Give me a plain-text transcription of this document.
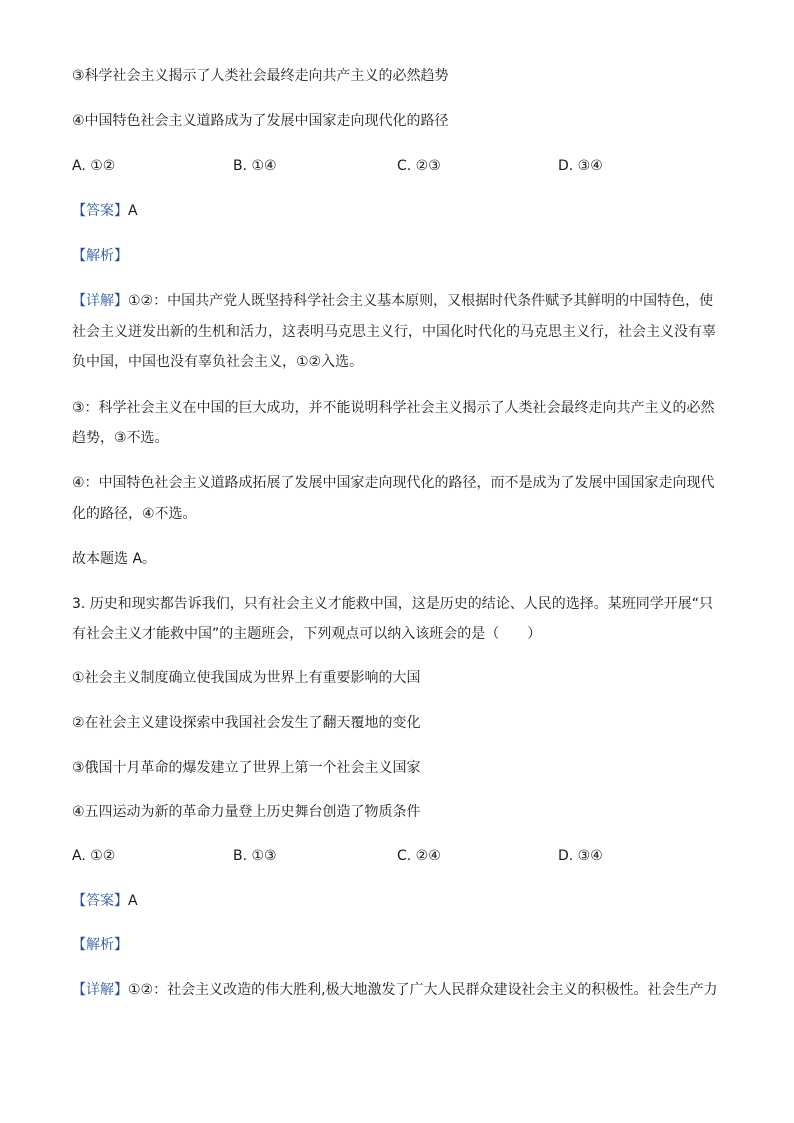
③科学社会主义揭示了人类社会最终走向共产主义的必然趋势
④中国特色社会主义道路成为了发展中国家走向现代化的路径
A. ①②	B. ①④	C. ②③	D. ③④
【答案】A
【解析】
【详解】①②：中国共产党人既坚持科学社会主义基本原则，又根据时代条件赋予其鲜明的中国特色，使
社会主义迸发出新的生机和活力，这表明马克思主义行，中国化时代化的马克思主义行，社会主义没有辜
负中国，中国也没有辜负社会主义，①②入选。
③：科学社会主义在中国的巨大成功，并不能说明科学社会主义揭示了人类社会最终走向共产主义的必然
趋势，③不选。
④：中国特色社会主义道路成拓展了发展中国家走向现代化的路径，而不是成为了发展中国国家走向现代
化的路径，④不选。
故本题选 A。
3. 历史和现实都告诉我们，只有社会主义才能救中国，这是历史的结论、人民的选择。某班同学开展“只
有社会主义才能救中国”的主题班会，下列观点可以纳入该班会的是（　　）
①社会主义制度确立使我国成为世界上有重要影响的大国
②在社会主义建设探索中我国社会发生了翻天覆地的变化
③俄国十月革命的爆发建立了世界上第一个社会主义国家
④五四运动为新的革命力量登上历史舞台创造了物质条件
A. ①②	B. ①③	C. ②④	D. ③④
【答案】A
【解析】
【详解】①②：社会主义改造的伟大胜利,极大地激发了广大人民群众建设社会主义的积极性。社会生产力
